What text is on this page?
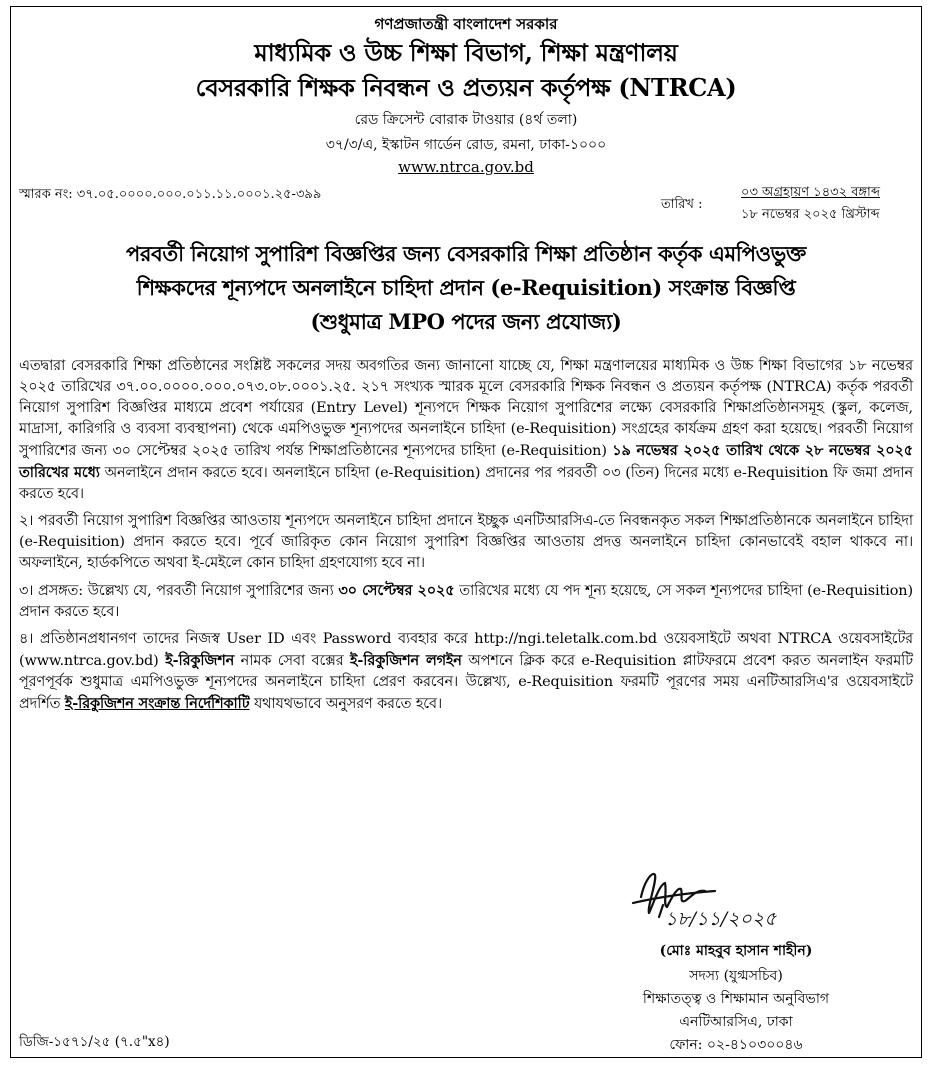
গণপ্রজাতন্ত্রী বাংলাদেশ সরকার
মাধ্যমিক ও উচ্চ শিক্ষা বিভাগ, শিক্ষা মন্ত্রণালয়
বেসরকারি শিক্ষক নিবন্ধন ও প্রত্যয়ন কর্তৃপক্ষ (NTRCA)
রেড ক্রিসেন্ট বোরাক টাওয়ার (৪র্থ তলা)
৩৭/৩/এ, ইস্কাটন গার্ডেন রোড, রমনা, ঢাকা-১০০০
www.ntrca.gov.bd
স্মারক নং: ৩৭.০৫.০০০০.০০০.০১১.১১.০০০১.২৫-৩৯৯
তারিখ :
০৩ অগ্রহায়ণ ১৪৩২ বঙ্গাব্দ
১৮ নভেম্বর ২০২৫ খ্রিস্টাব্দ
পরবর্তী নিয়োগ সুপারিশ বিজ্ঞপ্তির জন্য বেসরকারি শিক্ষা প্রতিষ্ঠান কর্তৃক এমপিওভুক্ত
শিক্ষকদের শূন্যপদে অনলাইনে চাহিদা প্রদান (e-Requisition) সংক্রান্ত বিজ্ঞপ্তি
(শুধুমাত্র MPO পদের জন্য প্রযোজ্য)

এতদ্বারা বেসরকারি শিক্ষা প্রতিষ্ঠানের সংশ্লিষ্ট সকলের সদয় অবগতির জন্য জানানো যাচ্ছে যে, শিক্ষা মন্ত্রণালয়ের মাধ্যমিক ও উচ্চ শিক্ষা বিভাগের ১৮ নভেম্বর ২০২৫ তারিখের ৩৭.০০.০০০০.০০০.০৭৩.০৮.০০০১.২৫. ২১৭ সংখ্যক স্মারক মূলে বেসরকারি শিক্ষক নিবন্ধন ও প্রত্যয়ন কর্তৃপক্ষ (NTRCA) কর্তৃক পরবর্তী নিয়োগ সুপারিশ বিজ্ঞপ্তির মাধ্যমে প্রবেশ পর্যায়ের (Entry Level) শূন্যপদে শিক্ষক নিয়োগ সুপারিশের লক্ষ্যে বেসরকারি শিক্ষাপ্রতিষ্ঠানসমূহ (স্কুল, কলেজ, মাদ্রাসা, কারিগরি ও ব্যবসা ব্যবস্থাপনা) থেকে এমপিওভুক্ত শূন্যপদের অনলাইনে চাহিদা (e-Requisition) সংগ্রহের কার্যক্রম গ্রহণ করা হয়েছে। পরবর্তী নিয়োগ সুপারিশের জন্য ৩০ সেপ্টেম্বর ২০২৫ তারিখ পর্যন্ত শিক্ষাপ্রতিষ্ঠানের শূন্যপদের চাহিদা (e-Requisition) ১৯ নভেম্বর ২০২৫ তারিখ থেকে ২৮ নভেম্বর ২০২৫ তারিখের মধ্যে অনলাইনে প্রদান করতে হবে। অনলাইনে চাহিদা (e-Requisition) প্রদানের পর পরবর্তী ০৩ (তিন) দিনের মধ্যে e-Requisition ফি জমা প্রদান করতে হবে।

২। পরবর্তী নিয়োগ সুপারিশ বিজ্ঞপ্তির আওতায় শূন্যপদে অনলাইনে চাহিদা প্রদানে ইচ্ছুক এনটিআরসিএ-তে নিবন্ধনকৃত সকল শিক্ষাপ্রতিষ্ঠানকে অনলাইনে চাহিদা (e-Requisition) প্রদান করতে হবে। পূর্বে জারিকৃত কোন নিয়োগ সুপারিশ বিজ্ঞপ্তির আওতায় প্রদত্ত অনলাইনে চাহিদা কোনভাবেই বহাল থাকবে না। অফলাইনে, হার্ডকপিতে অথবা ই-মেইলে কোন চাহিদা গ্রহণযোগ্য হবে না।

৩। প্রসঙ্গত: উল্লেখ্য যে, পরবর্তী নিয়োগ সুপারিশের জন্য ৩০ সেপ্টেম্বর ২০২৫ তারিখের মধ্যে যে পদ শূন্য হয়েছে, সে সকল শূন্যপদের চাহিদা (e-Requisition) প্রদান করতে হবে।

৪। প্রতিষ্ঠানপ্রধানগণ তাদের নিজস্ব User ID এবং Password ব্যবহার করে http://ngi.teletalk.com.bd ওয়েবসাইটে অথবা NTRCA ওয়েবসাইটের (www.ntrca.gov.bd) ই-রিকুজিশন নামক সেবা বক্সের ই-রিকুজিশন লগইন অপশনে ক্লিক করে e-Requisition প্লাটফরমে প্রবেশ করত অনলাইন ফরমটি পূরণপূর্বক শুধুমাত্র এমপিওভুক্ত শূন্যপদের অনলাইনে চাহিদা প্রেরণ করবেন। উল্লেখ্য, e-Requisition ফরমটি পূরণের সময় এনটিআরসিএ'র ওয়েবসাইটে প্রদর্শিত ই-রিকুজিশন সংক্রান্ত নির্দেশিকাটি যথাযথভাবে অনুসরণ করতে হবে।

১৮/১১/২০২৫
(মোঃ মাহবুব হাসান শাহীন)
সদস্য (যুগ্মসচিব)
শিক্ষাতত্ত্ব ও শিক্ষামান অনুবিভাগ
এনটিআরসিএ, ঢাকা
ফোন: ০২-৪১০৩০০৪৬
ডিজি-১৫৭১/২৫ (৭.৫"x৪)
